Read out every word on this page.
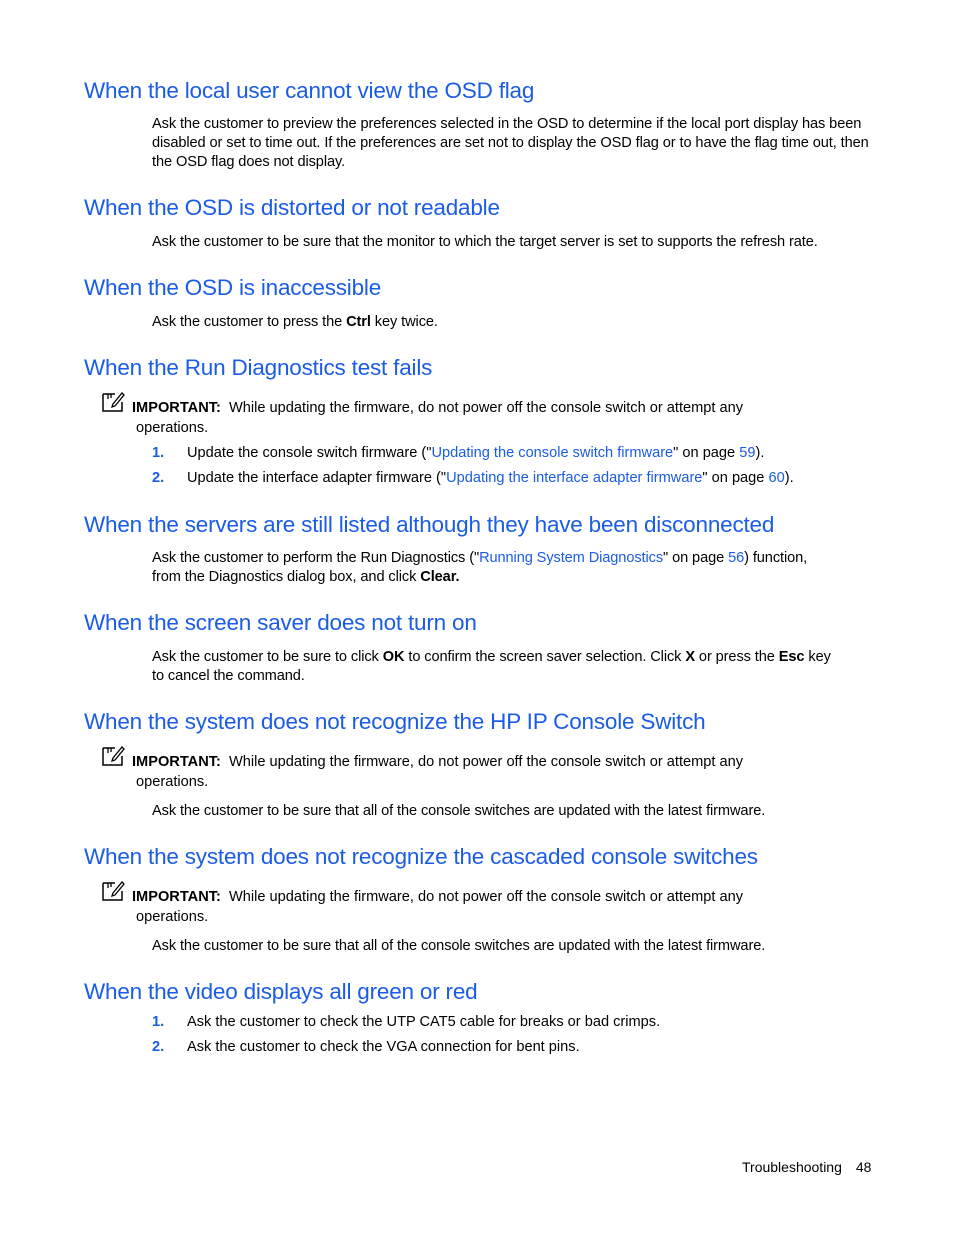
When the local user cannot view the OSD flag

Ask the customer to preview the preferences selected in the OSD to determine if the local port display has been disabled or set to time out. If the preferences are set not to display the OSD flag or to have the flag time out, then the OSD flag does not display.

When the OSD is distorted or not readable

Ask the customer to be sure that the monitor to which the target server is set to supports the refresh rate.

When the OSD is inaccessible

Ask the customer to press the Ctrl key twice.

When the Run Diagnostics test fails
IMPORTANT: While updating the firmware, do not power off the console switch or attempt any
operations.
1. Update the console switch firmware ("Updating the console switch firmware" on page 59).
2. Update the interface adapter firmware ("Updating the interface adapter firmware" on page 60).
When the servers are still listed although they have been disconnected

Ask the customer to perform the Run Diagnostics ("Running System Diagnostics" on page 56) function,
from the Diagnostics dialog box, and click Clear.

When the screen saver does not turn on

Ask the customer to be sure to click OK to confirm the screen saver selection. Click X or press the Esc key
to cancel the command.

When the system does not recognize the HP IP Console Switch
IMPORTANT: While updating the firmware, do not power off the console switch or attempt any
operations.

Ask the customer to be sure that all of the console switches are updated with the latest firmware.

When the system does not recognize the cascaded console switches
IMPORTANT: While updating the firmware, do not power off the console switch or attempt any
operations.

Ask the customer to be sure that all of the console switches are updated with the latest firmware.

When the video displays all green or red
1. Ask the customer to check the UTP CAT5 cable for breaks or bad crimps.
2. Ask the customer to check the VGA connection for bent pins.
Troubleshooting 48
